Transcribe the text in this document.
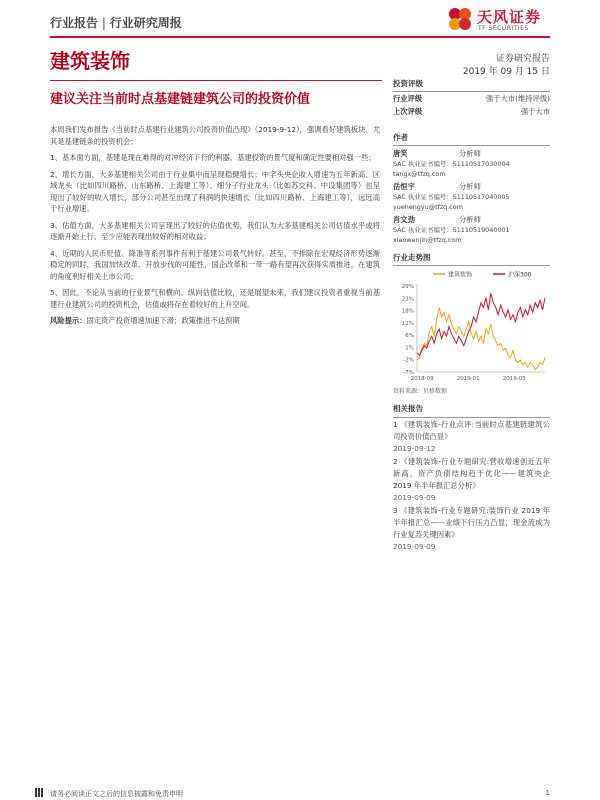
行业报告 | 行业研究周报	天风证券
TF SECURITIES
建筑装饰	证券研究报告
2019 年 09 月 15 日
建议关注当前时点基建链建筑公司的投资价值

本周我们发布报告《当前时点基建行业建筑公司投资价值凸现》（2019-9-12），强调看好建筑板块、尤其是基建链条的投资机会；

1、基本面方面，基建是现在难得的对冲经济下行的利器，基建投资的景气度和确定性要相对强一些；

2、增长方面，大多基建相关公司由于行业集中而呈现稳健增长；中字头央企收入增速为五年新高、区域龙头（比如四川路桥、山东路桥、上海建工等）、细分子行业龙头（比如苏交科、中设集团等）也呈现出了较好的收入增长，部分公司甚至出现了利润的快速增长（比如四川路桥、上海建工等），远远高于行业增速。

3、估值方面，大多基建相关公司呈现出了较好的估值优势，我们认为大多基建相关公司估值水平或将逐渐开始上行、至少应能表现出较好的相对收益；

4、近期的人民币贬值、降准等系列事件有利于基建公司景气转好。甚至，不排除在宏观经济形势逐渐稳定的同时，我国加快改革、开放步伐的可能性，国企改革和一带一路有望再次获得实质推进，在建筑的角度利好相关上市公司；

5、因此，不论从当前的行业景气和横向、纵向估值比较，还是展望未来，我们建议投资者重视当前基建行业建筑公司的投资机会，估值或将存在着较好的上升空间。

风险提示：固定资产投资增速加速下滑；政策推进不达预期

投资评级
行业评级	强于大市(维持评级)
上次评级	强于大市
作者
唐笑	分析师
SAC 执业证书编号：S1110517030004
tangx@tfzq.com
岳恒宇	分析师
SAC 执业证书编号：S1110517040005
yuehengyu@tfzq.com
肖文劲	分析师
SAC 执业证书编号：S1110519040001
xiaowenjin@tfzq.com
行业走势图
建筑装饰	沪深300
29%
23%
18%
12%
6%
1%
-2%
-7%
2018-09	2019-01	2019-05
资料来源：贝格数据
相关报告
1 《建筑装饰-行业点评:当前时点基建链建筑公司投资价值凸显》
2019-09-12
2 《建筑装饰-行业专题研究:营收增速创近五年新高，资产负债结构趋于优化——建筑央企 2019 年半年报汇总分析》
2019-09-09
3 《建筑装饰-行业专题研究:装饰行业 2019 年半年报汇总——业绩下行压力凸显，现金流成为行业复苏关键因素》
2019-09-09
请务必阅读正文之后的信息披露和免责申明	1
